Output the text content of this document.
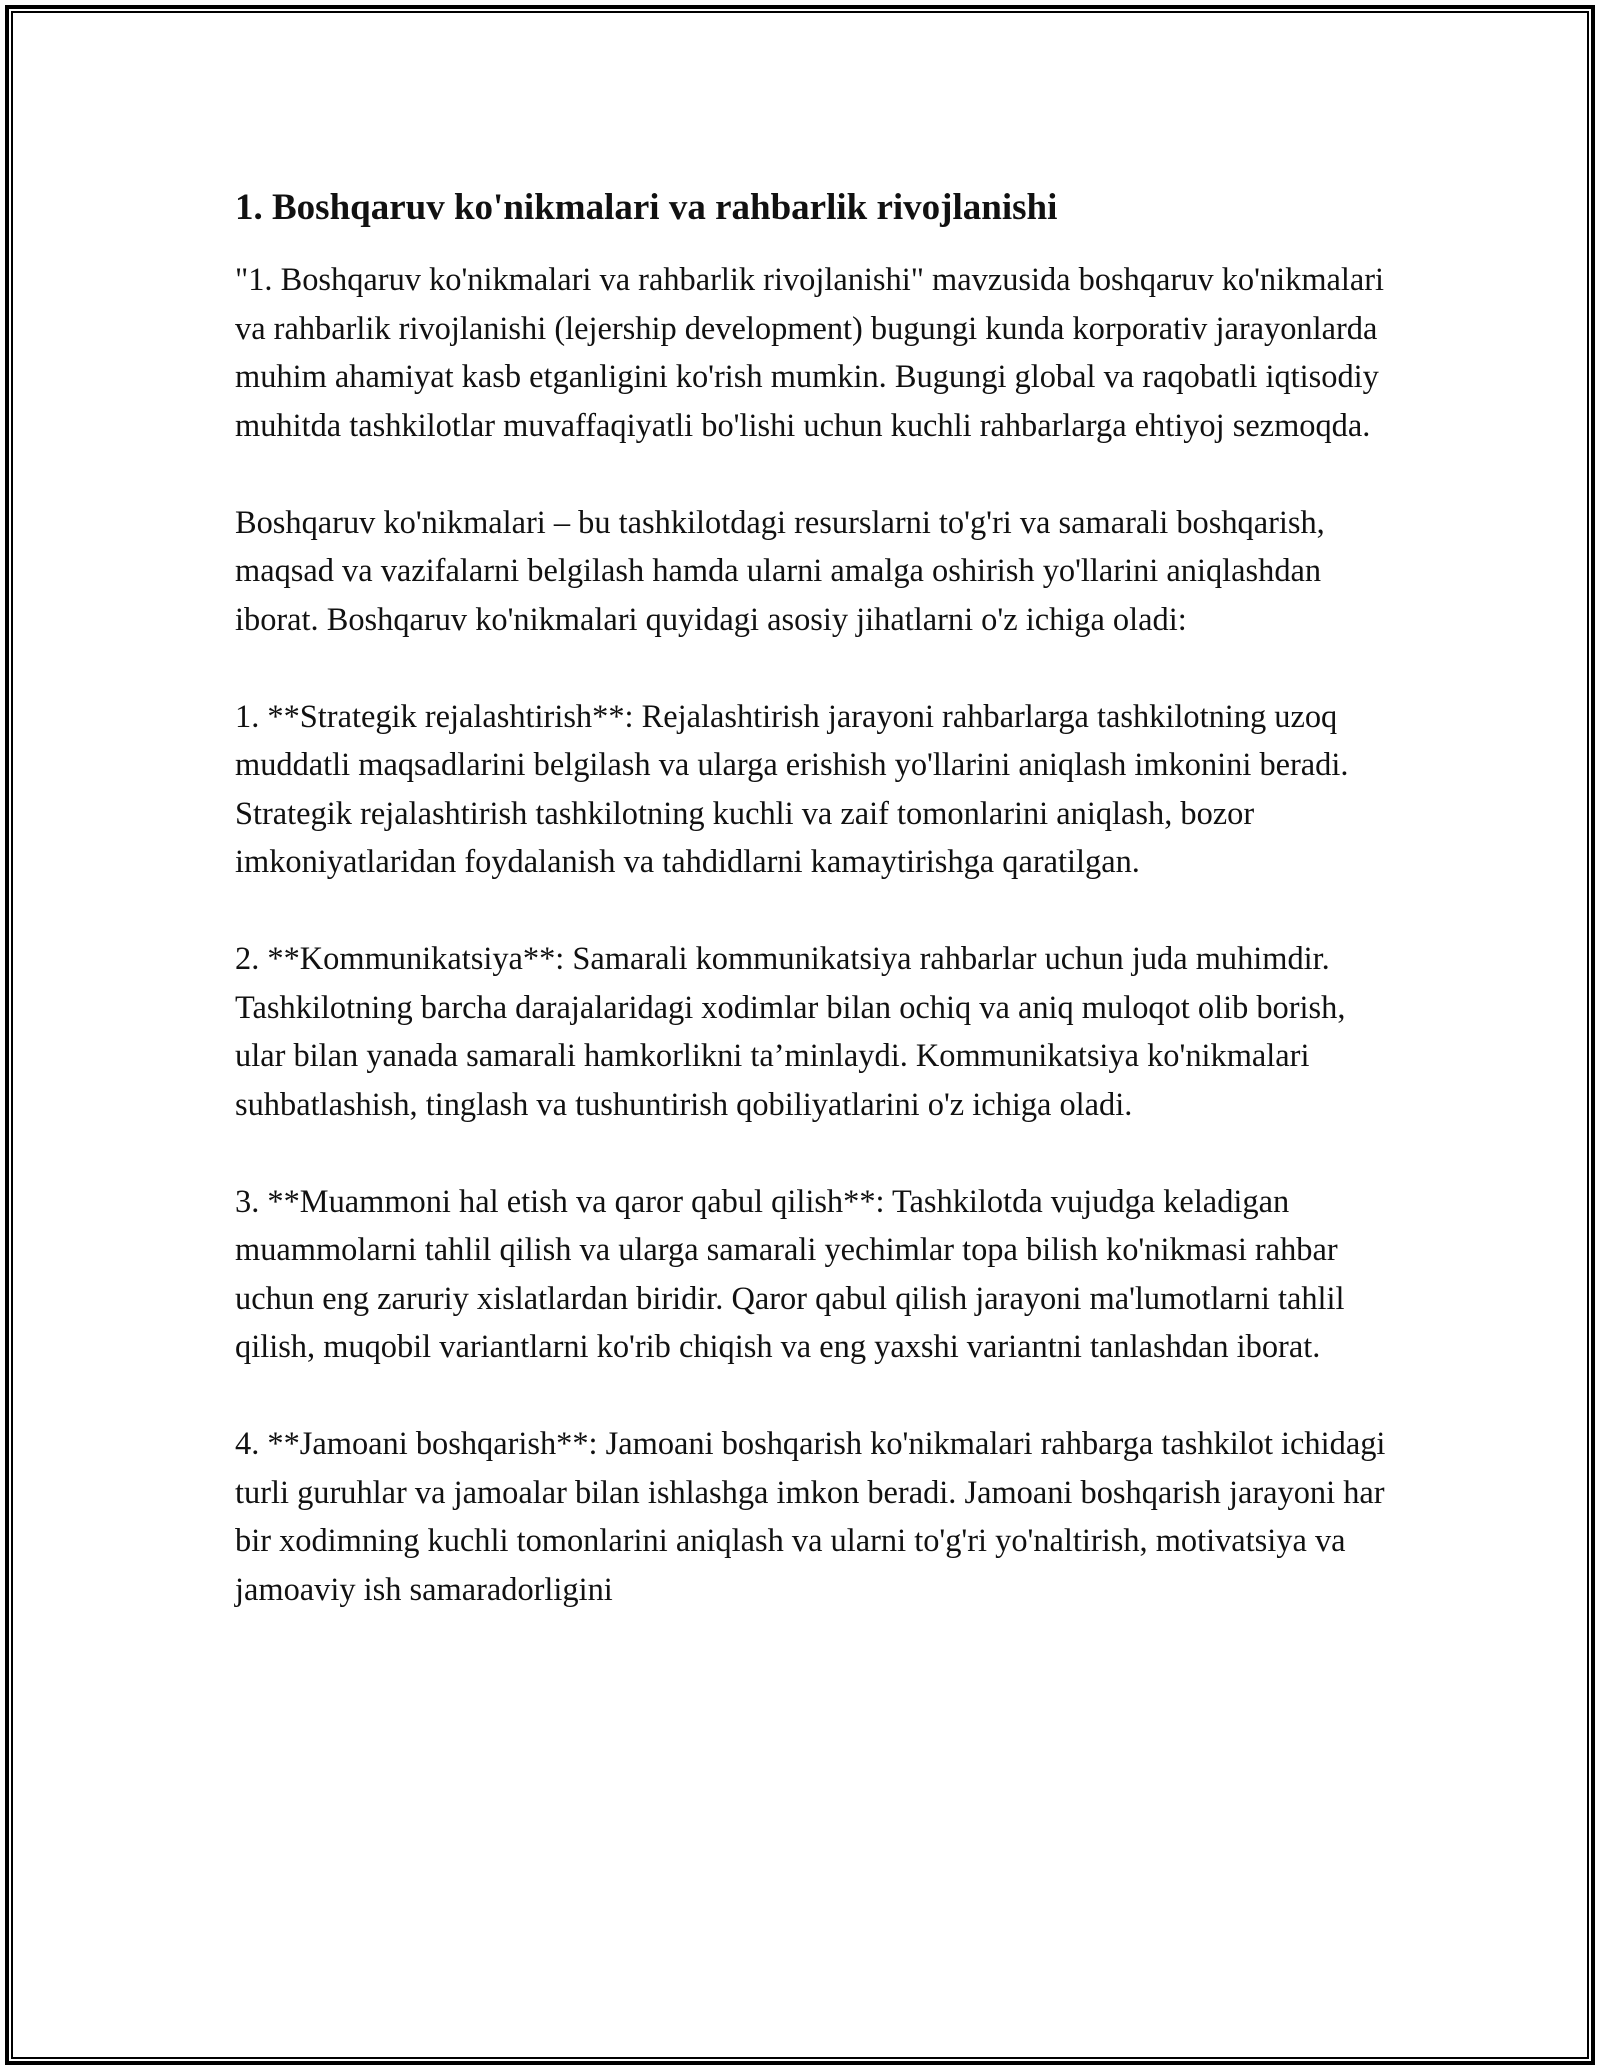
1. Boshqaruv ko'nikmalari va rahbarlik rivojlanishi

"1. Boshqaruv ko'nikmalari va rahbarlik rivojlanishi" mavzusida boshqaruv ko'nikmalari va rahbarlik rivojlanishi (lejership development) bugungi kunda korporativ jarayonlarda muhim ahamiyat kasb etganligini ko'rish mumkin. Bugungi global va raqobatli iqtisodiy muhitda tashkilotlar muvaffaqiyatli bo'lishi uchun kuchli rahbarlarga ehtiyoj sezmoqda.

Boshqaruv ko'nikmalari – bu tashkilotdagi resurslarni to'g'ri va samarali boshqarish, maqsad va vazifalarni belgilash hamda ularni amalga oshirish yo'llarini aniqlashdan iborat. Boshqaruv ko'nikmalari quyidagi asosiy jihatlarni o'z ichiga oladi:

1. **Strategik rejalashtirish**: Rejalashtirish jarayoni rahbarlarga tashkilotning uzoq muddatli maqsadlarini belgilash va ularga erishish yo'llarini aniqlash imkonini beradi. Strategik rejalashtirish tashkilotning kuchli va zaif tomonlarini aniqlash, bozor imkoniyatlaridan foydalanish va tahdidlarni kamaytirishga qaratilgan.

2. **Kommunikatsiya**: Samarali kommunikatsiya rahbarlar uchun juda muhimdir. Tashkilotning barcha darajalaridagi xodimlar bilan ochiq va aniq muloqot olib borish, ular bilan yanada samarali hamkorlikni ta’minlaydi. Kommunikatsiya ko'nikmalari suhbatlashish, tinglash va tushuntirish qobiliyatlarini o'z ichiga oladi.

3. **Muammoni hal etish va qaror qabul qilish**: Tashkilotda vujudga keladigan muammolarni tahlil qilish va ularga samarali yechimlar topa bilish ko'nikmasi rahbar uchun eng zaruriy xislatlardan biridir. Qaror qabul qilish jarayoni ma'lumotlarni tahlil qilish, muqobil variantlarni ko'rib chiqish va eng yaxshi variantni tanlashdan iborat.

4. **Jamoani boshqarish**: Jamoani boshqarish ko'nikmalari rahbarga tashkilot ichidagi turli guruhlar va jamoalar bilan ishlashga imkon beradi. Jamoani boshqarish jarayoni har bir xodimning kuchli tomonlarini aniqlash va ularni to'g'ri yo'naltirish, motivatsiya va jamoaviy ish samaradorligini
